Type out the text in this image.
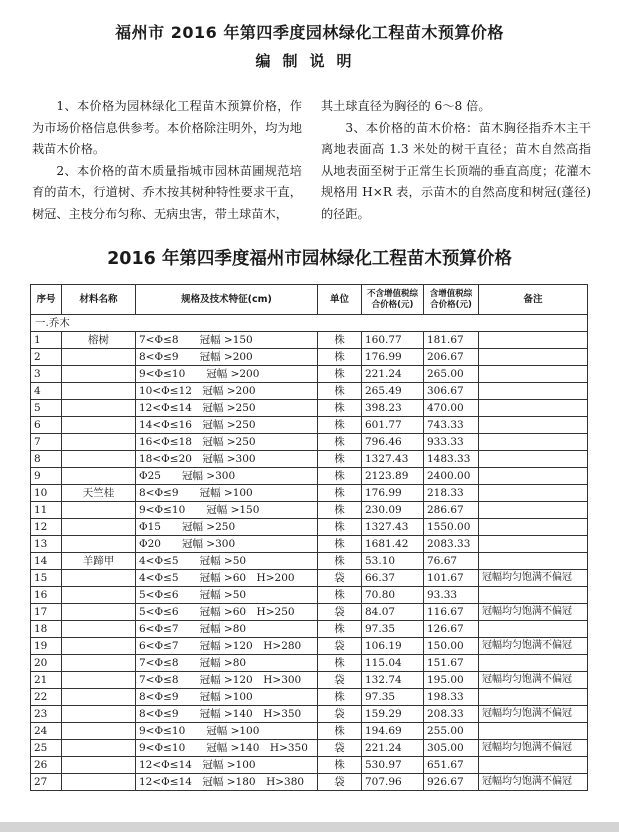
福州市 2016 年第四季度园林绿化工程苗木预算价格
编制说明

1、本价格为园林绿化工程苗木预算价格，作为市场价格信息供参考。本价格除注明外，均为地栽苗木价格。

2、本价格的苗木质量指城市园林苗圃规范培育的苗木，行道树、乔木按其树种特性要求干直，树冠、主枝分布匀称、无病虫害，带土球苗木，

其土球直径为胸径的 6～8 倍。

3、本价格的苗木价格：苗木胸径指乔木主干离地表面高 1.3 米处的树干直径；苗木自然高指从地表面至树于正常生长顶端的垂直高度；花灌木规格用 H×R 表，示苗木的自然高度和树冠(蓬径)的径距。

2016 年第四季度福州市园林绿化工程苗木预算价格
序号	材料名称	规格及技术特征(cm)	单位	不含增值税综合价格(元)	含增值税综合价格(元)	备注
一.乔木						
1	榕树	7<Φ≤8　　冠幅 >150	株	160.77	181.67	
2		8<Φ≤9　　冠幅 >200	株	176.99	206.67	
3		9<Φ≤10　　冠幅 >200	株	221.24	265.00	
4		10<Φ≤12　冠幅 >200	株	265.49	306.67	
5		12<Φ≤14　冠幅 >250	株	398.23	470.00	
6		14<Φ≤16　冠幅 >250	株	601.77	743.33	
7		16<Φ≤18　冠幅 >250	株	796.46	933.33	
8		18<Φ≤20　冠幅 >300	株	1327.43	1483.33	
9		Φ25　　冠幅 >300	株	2123.89	2400.00	
10	天竺桂	8<Φ≤9　　冠幅 >100	株	176.99	218.33	
11		9<Φ≤10　　冠幅 >150	株	230.09	286.67	
12		Φ15　　冠幅 >250	株	1327.43	1550.00	
13		Φ20　　冠幅 >300	株	1681.42	2083.33	
14	羊蹄甲	4<Φ≤5　　冠幅 >50	株	53.10	76.67	
15		4<Φ≤5　　冠幅 >60　H>200	袋	66.37	101.67	冠幅均匀饱满不偏冠
16		5<Φ≤6　　冠幅 >50	株	70.80	93.33	
17		5<Φ≤6　　冠幅 >60　H>250	袋	84.07	116.67	冠幅均匀饱满不偏冠
18		6<Φ≤7　　冠幅 >80	株	97.35	126.67	
19		6<Φ≤7　　冠幅 >120　H>280	袋	106.19	150.00	冠幅均匀饱满不偏冠
20		7<Φ≤8　　冠幅 >80	株	115.04	151.67	
21		7<Φ≤8　　冠幅 >120　H>300	袋	132.74	195.00	冠幅均匀饱满不偏冠
22		8<Φ≤9　　冠幅 >100	株	97.35	198.33	
23		8<Φ≤9　　冠幅 >140　H>350	袋	159.29	208.33	冠幅均匀饱满不偏冠
24		9<Φ≤10　　冠幅 >100	株	194.69	255.00	
25		9<Φ≤10　　冠幅 >140　H>350	袋	221.24	305.00	冠幅均匀饱满不偏冠
26		12<Φ≤14　冠幅 >100	株	530.97	651.67	
27		12<Φ≤14　冠幅 >180　H>380	袋	707.96	926.67	冠幅均匀饱满不偏冠
